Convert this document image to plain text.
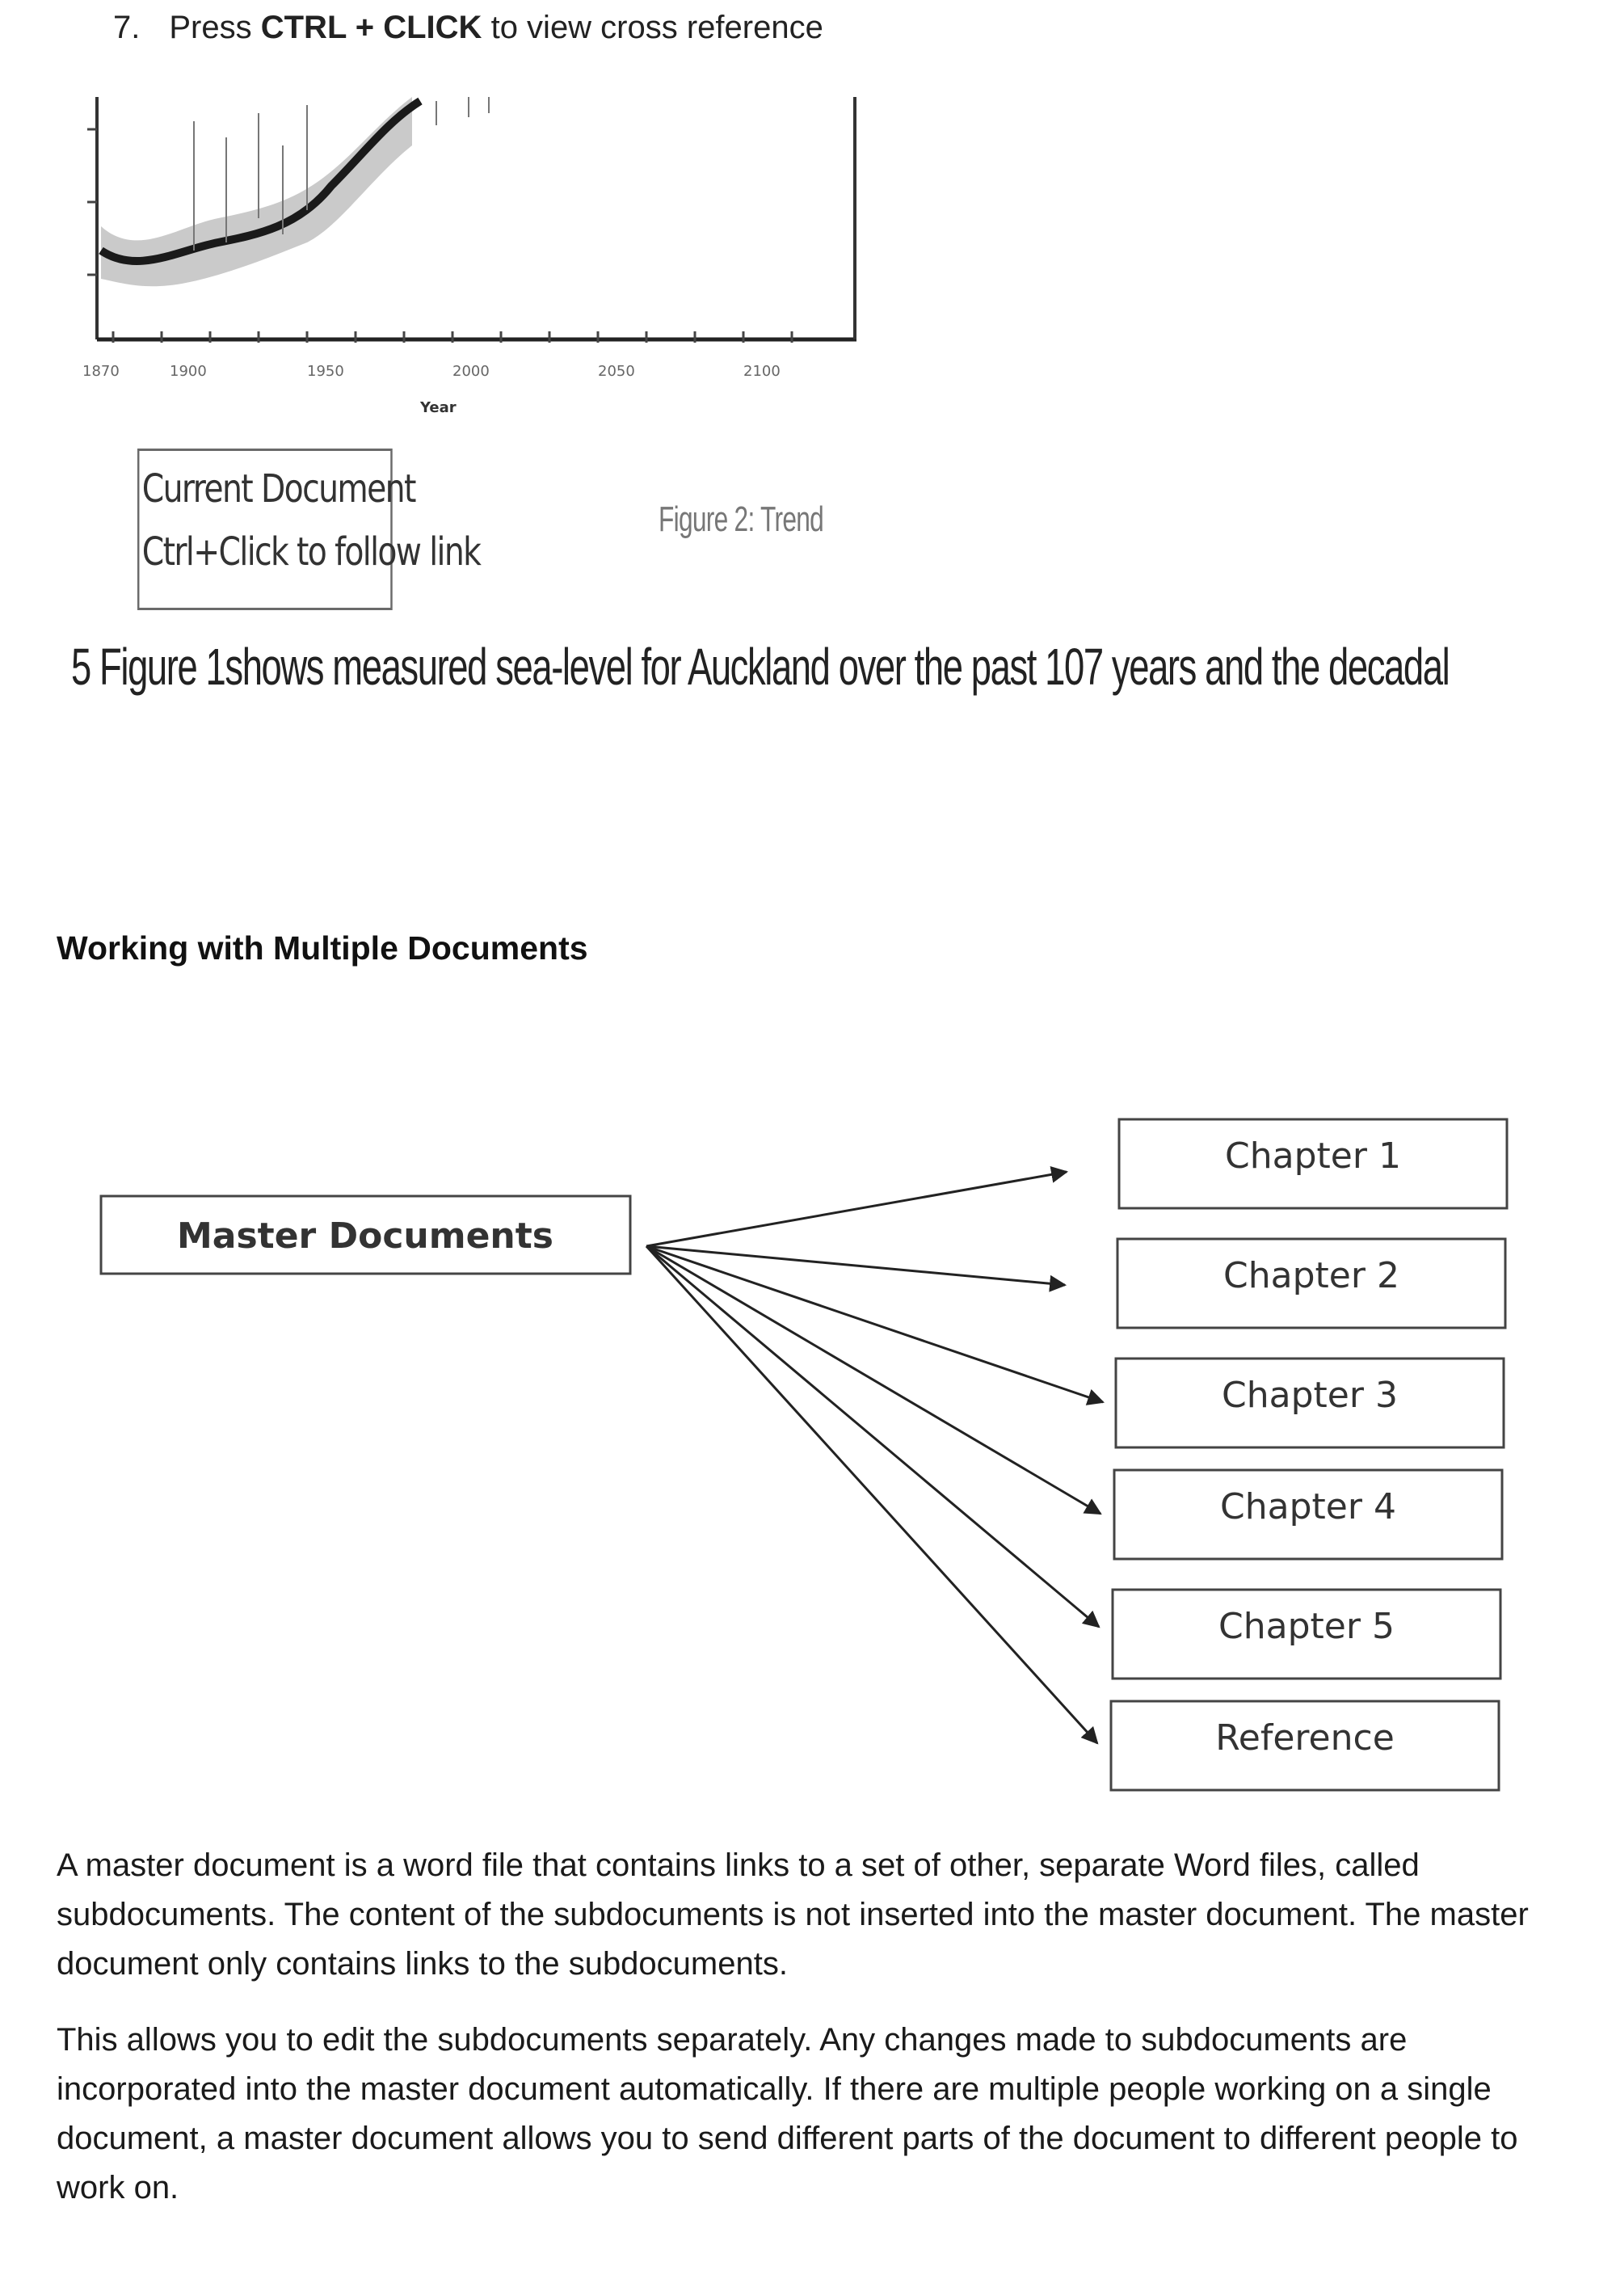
7. Press CTRL + CLICK to view cross reference
1870	1900	1950	2000	2050	2100
Year
Current Document
Ctrl+Click to follow link
Figure 2: Trend
5 Figure 1shows measured sea-level for Auckland over the past 107 years and the decadal
Working with Multiple Documents
Master Documents
Chapter 1
Chapter 2
Chapter 3
Chapter 4
Chapter 5
Reference
A master document is a word file that contains links to a set of other, separate Word files, called subdocuments. The content of the subdocuments is not inserted into the master document. The master document only contains links to the subdocuments.
This allows you to edit the subdocuments separately. Any changes made to subdocuments are incorporated into the master document automatically. If there are multiple people working on a single document, a master document allows you to send different parts of the document to different people to work on.
